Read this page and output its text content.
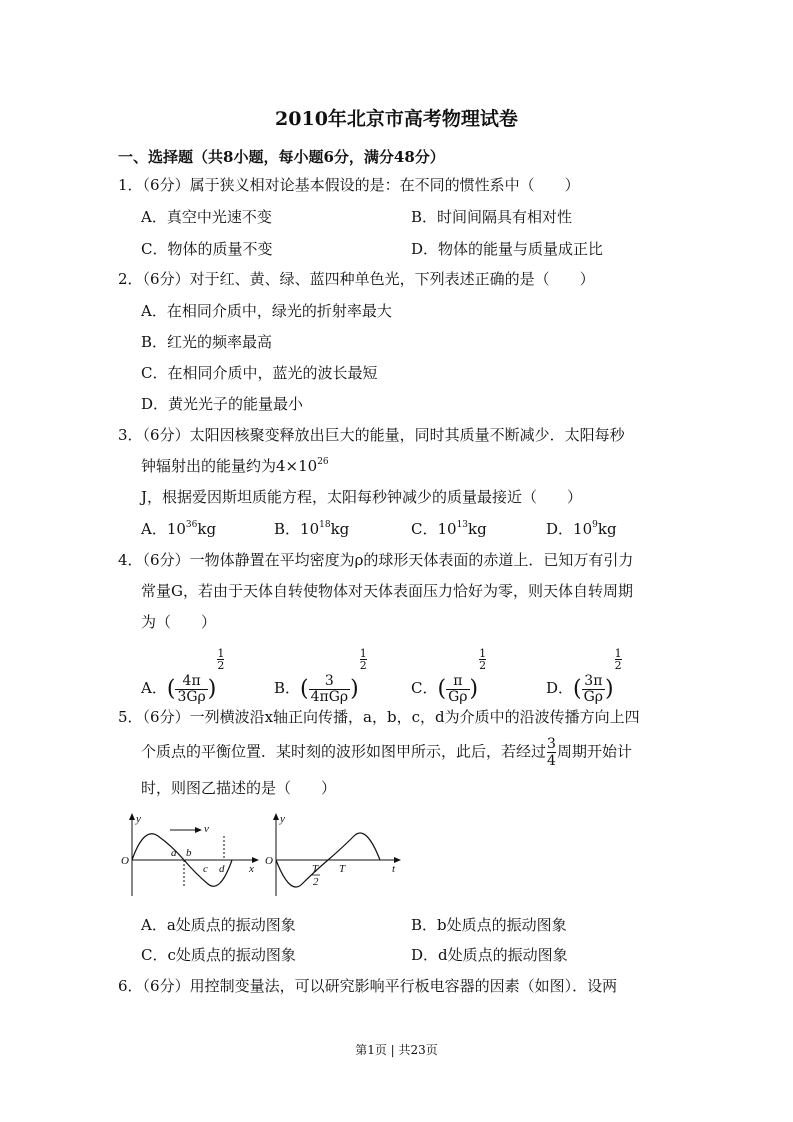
2010年北京市高考物理试卷
一、选择题（共8小题，每小题6分，满分48分）
1．（6分）属于狭义相对论基本假设的是：在不同的惯性系中（　　）
A．真空中光速不变	B．时间间隔具有相对性
C．物体的质量不变	D．物体的能量与质量成正比
2．（6分）对于红、黄、绿、蓝四种单色光，下列表述正确的是（　　）
A．在相同介质中，绿光的折射率最大
B．红光的频率最高
C．在相同介质中，蓝光的波长最短
D．黄光光子的能量最小
3．（6分）太阳因核聚变释放出巨大的能量，同时其质量不断减少．太阳每秒
钟辐射出的能量约为$4\times 10^{26}$
J，根据爱因斯坦质能方程，太阳每秒钟减少的质量最接近（　　）
A．$10^{36}kg$	B．$10^{18}kg$	C．$10^{13}kg$	D．$10^9kg$
4．（6分）一物体静置在平均密度为ρ的球形天体表面的赤道上．已知万有引力
常量G，若由于天体自转使物体对天体表面压力恰好为零，则天体自转周期
为（　　）
A．( $\frac{4\pi}{3G\rho}$ )
$\frac{1}{2}$
B．( $\frac{3}{\text{4πGρ}}$ )
$\frac{1}{2}$
C．( $\frac{\pi}{G\rho}$ )
$\frac{1}{2}$
D．( $\frac{3\pi}{G\rho}$ )
$\frac{1}{2}$
5．（6分）一列横波沿x轴正向传播，a，b，c，d为介质中的沿波传播方向上四
个质点的平衡位置．某时刻的波形如图甲所示，此后，若经过 $\frac{3}{4}$ 周期开始计
时，则图乙描述的是（　　）
y
O
v
a b
c d x
y
O
T
2
T	t
A．a处质点的振动图象	B．b处质点的振动图象
C．c处质点的振动图象	D．d处质点的振动图象
6．（6分）用控制变量法，可以研究影响平行板电容器的因素（如图）．设两
第1页 | 共23页
